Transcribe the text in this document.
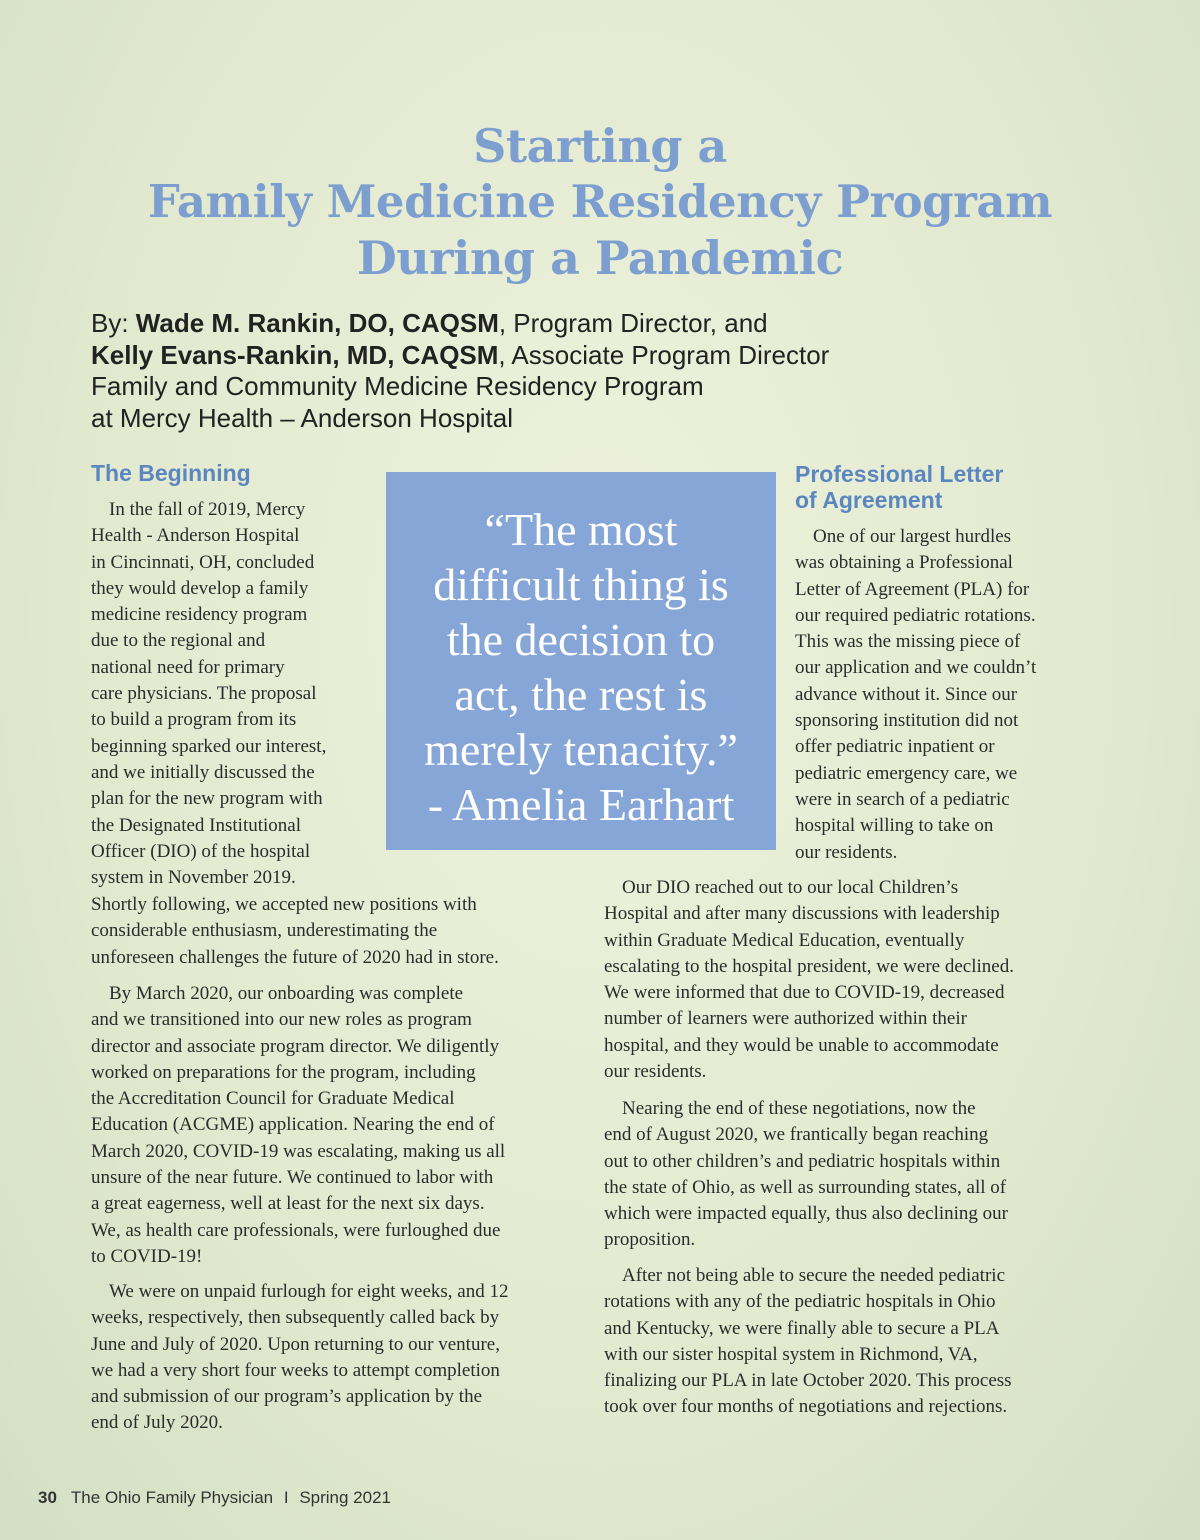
Starting a
Family Medicine Residency Program
During a Pandemic
By: Wade M. Rankin, DO, CAQSM, Program Director, and
Kelly Evans-Rankin, MD, CAQSM, Associate Program Director
Family and Community Medicine Residency Program
at Mercy Health – Anderson Hospital
The Beginning
In the fall of 2019, Mercy
Health - Anderson Hospital
in Cincinnati, OH, concluded
they would develop a family
medicine residency program
due to the regional and
national need for primary
care physicians. The proposal
to build a program from its
beginning sparked our interest,
and we initially discussed the
plan for the new program with
the Designated Institutional
Officer (DIO) of the hospital
system in November 2019.
Shortly following, we accepted new positions with
considerable enthusiasm, underestimating the
unforeseen challenges the future of 2020 had in store.
By March 2020, our onboarding was complete
and we transitioned into our new roles as program
director and associate program director. We diligently
worked on preparations for the program, including
the Accreditation Council for Graduate Medical
Education (ACGME) application. Nearing the end of
March 2020, COVID-19 was escalating, making us all
unsure of the near future. We continued to labor with
a great eagerness, well at least for the next six days.
We, as health care professionals, were furloughed due
to COVID-19!
We were on unpaid furlough for eight weeks, and 12
weeks, respectively, then subsequently called back by
June and July of 2020. Upon returning to our venture,
we had a very short four weeks to attempt completion
and submission of our program’s application by the
end of July 2020.
“The most
difficult thing is
the decision to
act, the rest is
merely tenacity.”
- Amelia Earhart
Professional Letter
of Agreement
One of our largest hurdles
was obtaining a Professional
Letter of Agreement (PLA) for
our required pediatric rotations.
This was the missing piece of
our application and we couldn’t
advance without it. Since our
sponsoring institution did not
offer pediatric inpatient or
pediatric emergency care, we
were in search of a pediatric
hospital willing to take on
our residents.
Our DIO reached out to our local Children’s
Hospital and after many discussions with leadership
within Graduate Medical Education, eventually
escalating to the hospital president, we were declined.
We were informed that due to COVID-19, decreased
number of learners were authorized within their
hospital, and they would be unable to accommodate
our residents.
Nearing the end of these negotiations, now the
end of August 2020, we frantically began reaching
out to other children’s and pediatric hospitals within
the state of Ohio, as well as surrounding states, all of
which were impacted equally, thus also declining our
proposition.
After not being able to secure the needed pediatric
rotations with any of the pediatric hospitals in Ohio
and Kentucky, we were finally able to secure a PLA
with our sister hospital system in Richmond, VA,
finalizing our PLA in late October 2020. This process
took over four months of negotiations and rejections.
30 The Ohio Family Physician I Spring 2021
